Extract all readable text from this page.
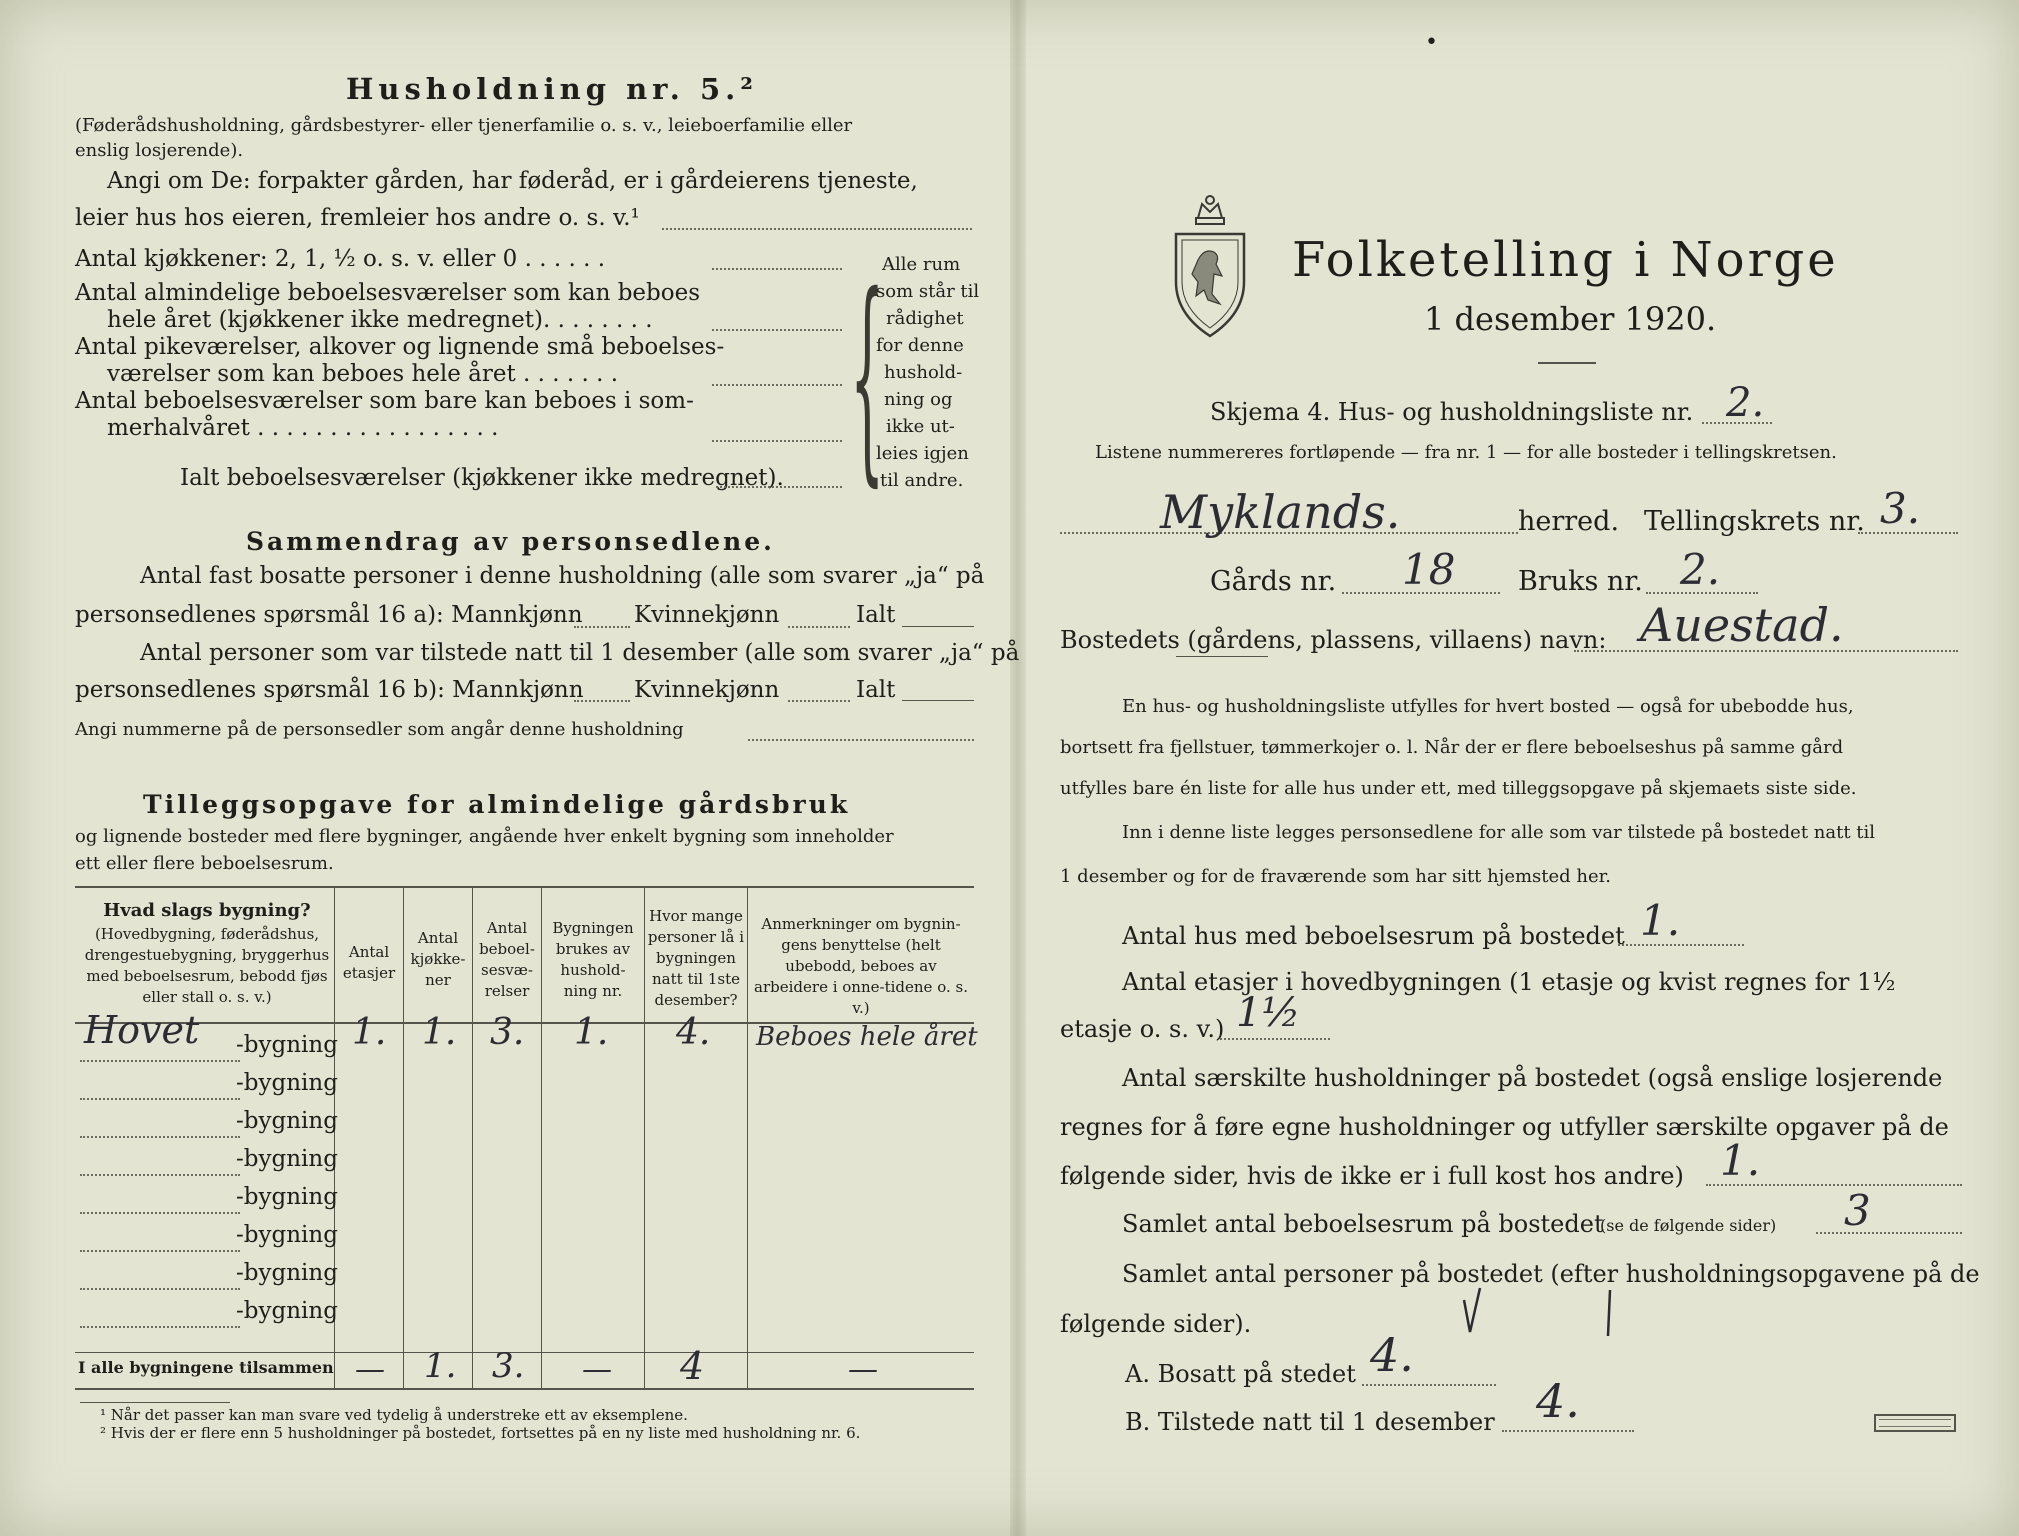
Husholdning nr. 5.²
(Føderådshusholdning, gårdsbestyrer- eller tjenerfamilie o. s. v., leieboerfamilie eller
enslig losjerende).
Angi om De: forpakter gården, har føderåd, er i gårdeierens tjeneste,
leier hus hos eieren, fremleier hos andre o. s. v.¹
Antal kjøkkener: 2, 1, ½ o. s. v. eller 0 . . . . . .
Antal almindelige beboelsesværelser som kan beboes
hele året (kjøkkener ikke medregnet). . . . . . . .
Antal pikeværelser, alkover og lignende små beboelses-
værelser som kan beboes hele året . . . . . . .
Antal beboelsesværelser som bare kan beboes i som-
merhalvåret . . . . . . . . . . . . . . . . .
Ialt beboelsesværelser (kjøkkener ikke medregnet). {
Alle rum
som står til
rådighet
for denne
hushold-
ning og
ikke ut-
leies igjen
til andre.
Sammendrag av personsedlene.
Antal fast bosatte personer i denne husholdning (alle som svarer „ja“ på
personsedlenes spørsmål 16 a): Mannkjønn Kvinnekjønn	Ialt
Antal personer som var tilstede natt til 1 desember (alle som svarer „ja“ på
personsedlenes spørsmål 16 b): Mannkjønn Kvinnekjønn	Ialt
Angi nummerne på de personsedler som angår denne husholdning
Tilleggsopgave for almindelige gårdsbruk
og lignende bosteder med flere bygninger, angående hver enkelt bygning som inneholder
ett eller flere beboelsesrum.
Hvad slags bygning?
(Hovedbygning, føderådshus, drengestuebygning, bryggerhus med beboelsesrum, bebodd fjøs eller stall o. s. v.)
Antal etasjer
Antal kjøkke-ner
Antal beboel-sesvæ-relser
Bygningen brukes av hushold-ning nr.
Hvor mange personer lå i bygningen natt til 1ste desember?
Anmerkninger om bygnin-gens benyttelse (helt ubebodd, beboes av arbeidere i onne-tidene o. s. v.)
Hovet -bygning 1. 1. 3. 1. 4. Beboes hele året
-bygning
-bygning
-bygning
-bygning
-bygning
-bygning
-bygning
I alle bygningene tilsammen — 1. 3. — 4	—
¹ Når det passer kan man svare ved tydelig å understreke ett av eksemplene.
² Hvis der er flere enn 5 husholdninger på bostedet, fortsettes på en ny liste med husholdning nr. 6.
•
Folketelling i Norge
1 desember 1920.
Skjema 4. Hus- og husholdningsliste nr. 2.
Listene nummereres fortløpende — fra nr. 1 — for alle bosteder i tellingskretsen.
Myklands.	herred. Tellingskrets nr. 3.
Gårds nr. 18 Bruks nr. 2.
Bostedets (gårdens, plassens, villaens) navn: Auestad.
En hus- og husholdningsliste utfylles for hvert bosted — også for ubebodde hus,
bortsett fra fjellstuer, tømmerkojer o. l. Når der er flere beboelseshus på samme gård
utfylles bare én liste for alle hus under ett, med tilleggsopgave på skjemaets siste side.
Inn i denne liste legges personsedlene for alle som var tilstede på bostedet natt til
1 desember og for de fraværende som har sitt hjemsted her.
Antal hus med beboelsesrum på bostedet 1.
Antal etasjer i hovedbygningen (1 etasje og kvist regnes for 1½
etasje o. s. v.) 1½
Antal særskilte husholdninger på bostedet (også enslige losjerende
regnes for å føre egne husholdninger og utfyller særskilte opgaver på de
følgende sider, hvis de ikke er i full kost hos andre) 1.
Samlet antal beboelsesrum på bostedet
(se de følgende sider) 3
Samlet antal personer på bostedet (efter husholdningsopgavene på de
følgende sider).
A. Bosatt på stedet 4.
B. Tilstede natt til 1 desember 4.
